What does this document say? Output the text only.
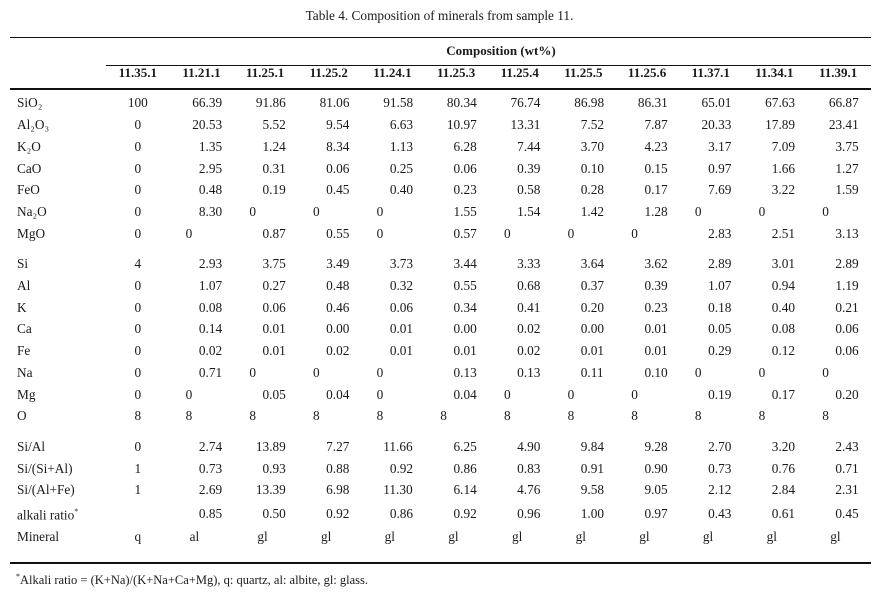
Table 4. Composition of minerals from sample 11.
	Composition (wt%)											
	11.35.1	11.21.1	11.25.1	11.25.2	11.24.1	11.25.3	11.25.4	11.25.5	11.25.6	11.37.1	11.34.1	11.39.1

SiO₂	100	66.39	91.86	81.06	91.58	80.34	76.74	86.98	86.31	65.01	67.63	66.87
Al₂O₃	0	20.53	5.52	9.54	6.63	10.97	13.31	7.52	7.87	20.33	17.89	23.41
K₂O	0	1.35	1.24	8.34	1.13	6.28	7.44	3.70	4.23	3.17	7.09	3.75
CaO	0	2.95	0.31	0.06	0.25	0.06	0.39	0.10	0.15	0.97	1.66	1.27
FeO	0	0.48	0.19	0.45	0.40	0.23	0.58	0.28	0.17	7.69	3.22	1.59
Na₂O	0	8.30	0	0	0	1.55	1.54	1.42	1.28	0	0	0
MgO	0	0	0.87	0.55	0	0.57	0	0	0	2.83	2.51	3.13

Si	4	2.93	3.75	3.49	3.73	3.44	3.33	3.64	3.62	2.89	3.01	2.89
Al	0	1.07	0.27	0.48	0.32	0.55	0.68	0.37	0.39	1.07	0.94	1.19
K	0	0.08	0.06	0.46	0.06	0.34	0.41	0.20	0.23	0.18	0.40	0.21
Ca	0	0.14	0.01	0.00	0.01	0.00	0.02	0.00	0.01	0.05	0.08	0.06
Fe	0	0.02	0.01	0.02	0.01	0.01	0.02	0.01	0.01	0.29	0.12	0.06
Na	0	0.71	0	0	0	0.13	0.13	0.11	0.10	0	0	0
Mg	0	0	0.05	0.04	0	0.04	0	0	0	0.19	0.17	0.20
O	8	8	8	8	8	8	8	8	8	8	8	8

Si/Al	0	2.74	13.89	7.27	11.66	6.25	4.90	9.84	9.28	2.70	3.20	2.43
Si/(Si+Al)	1	0.73	0.93	0.88	0.92	0.86	0.83	0.91	0.90	0.73	0.76	0.71
Si/(Al+Fe)	1	2.69	13.39	6.98	11.30	6.14	4.76	9.58	9.05	2.12	2.84	2.31
alkali ratio*		0.85	0.50	0.92	0.86	0.92	0.96	1.00	0.97	0.43	0.61	0.45
Mineral	q	al	gl	gl	gl	gl	gl	gl	gl	gl	gl	gl
*Alkali ratio = (K+Na)/(K+Na+Ca+Mg), q: quartz, al: albite, gl: glass.
